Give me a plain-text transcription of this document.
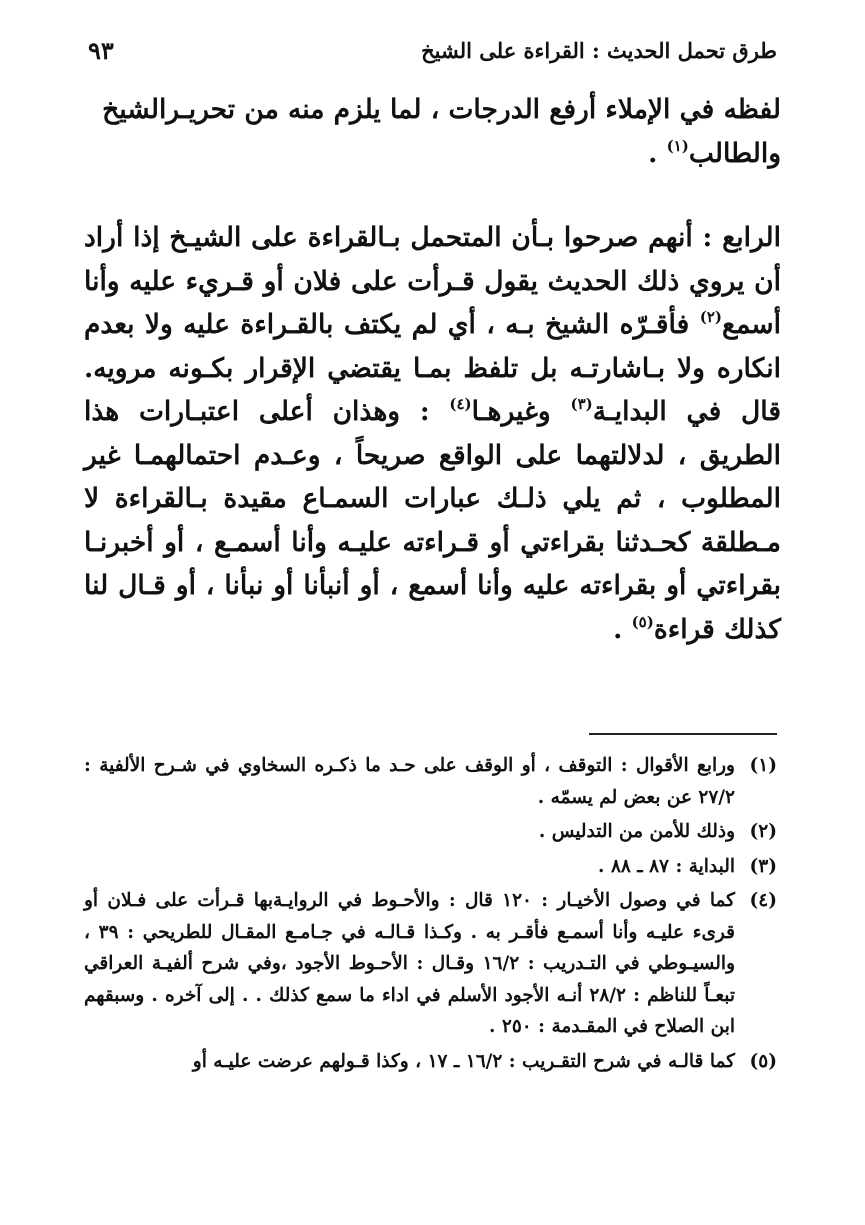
طرق تحمل الحديث : القراءة على الشيخ
٩٣

لفظه في الإملاء أرفع الدرجات ، لما يلزم منه من تحريـرالشيخ
والطالب$^{(١)}$ .

الرابع : أنهم صرحوا بـأن المتحمل بـالقراءة على الشيـخ إذا أراد أن يروي ذلك الحديث يقول قـرأت على فلان أو قـريء عليه وأنا أسمع$^{(٢)}$ فأقـرّه الشيخ بـه ، أي لم يكتف بالقـراءة عليه ولا بعدم انكاره ولا بـاشارتـه بل تلفظ بمـا يقتضي الإقرار بكـونه مرويه. قال في البدايـة$^{(٣)}$ وغيرهـا$^{(٤)}$ : وهذان أعلى اعتبـارات هذا الطريق ، لدلالتهما على الواقع صريحاً ، وعـدم احتمالهمـا غير المطلوب ، ثم يلي ذلـك عبارات السمـاع مقيدة بـالقراءة لا مـطلقة كحـدثنا بقراءتي أو قـراءته عليـه وأنا أسمـع ، أو أخبرنـا بقراءتي أو بقراءته عليه وأنا أسمع ، أو أنبأنا أو نبأنا ، أو قـال لنا كذلك قراءة$^{(٥)}$ .

(١)
ورابع الأقوال : التوقف ، أو الوقف على حـد ما ذكـره السخاوي في شـرح الألفية : ٢٧/٢ عن بعض لم يسمّه .
(٢)
وذلك للأمن من التدليس .
(٣)
البداية : ٨٧ ـ ٨٨ .
(٤)
كما في وصول الأخيـار : ١٢٠ قال : والأحـوط في الروايـةبها قـرأت على فـلان أو قرىء عليـه وأنا أسمـع فأقـر به . وكـذا قـالـه في جـامـع المقـال للطريحي : ٣٩ ، والسيـوطي في التـدريب : ١٦/٢ وقـال : الأحـوط الأجود ،وفي شرح ألفيـة العراقي تبعـاً للناظم : ٢٨/٢ أنـه الأجود الأسلم في اداء ما سمع كذلك . . إلى آخره . وسبقهم ابن الصلاح في المقـدمة : ٢٥٠ .
(٥)
كما قالـه في شرح التقـريب : ١٦/٢ ـ ١٧ ، وكذا قـولهم عرضت عليـه أو
